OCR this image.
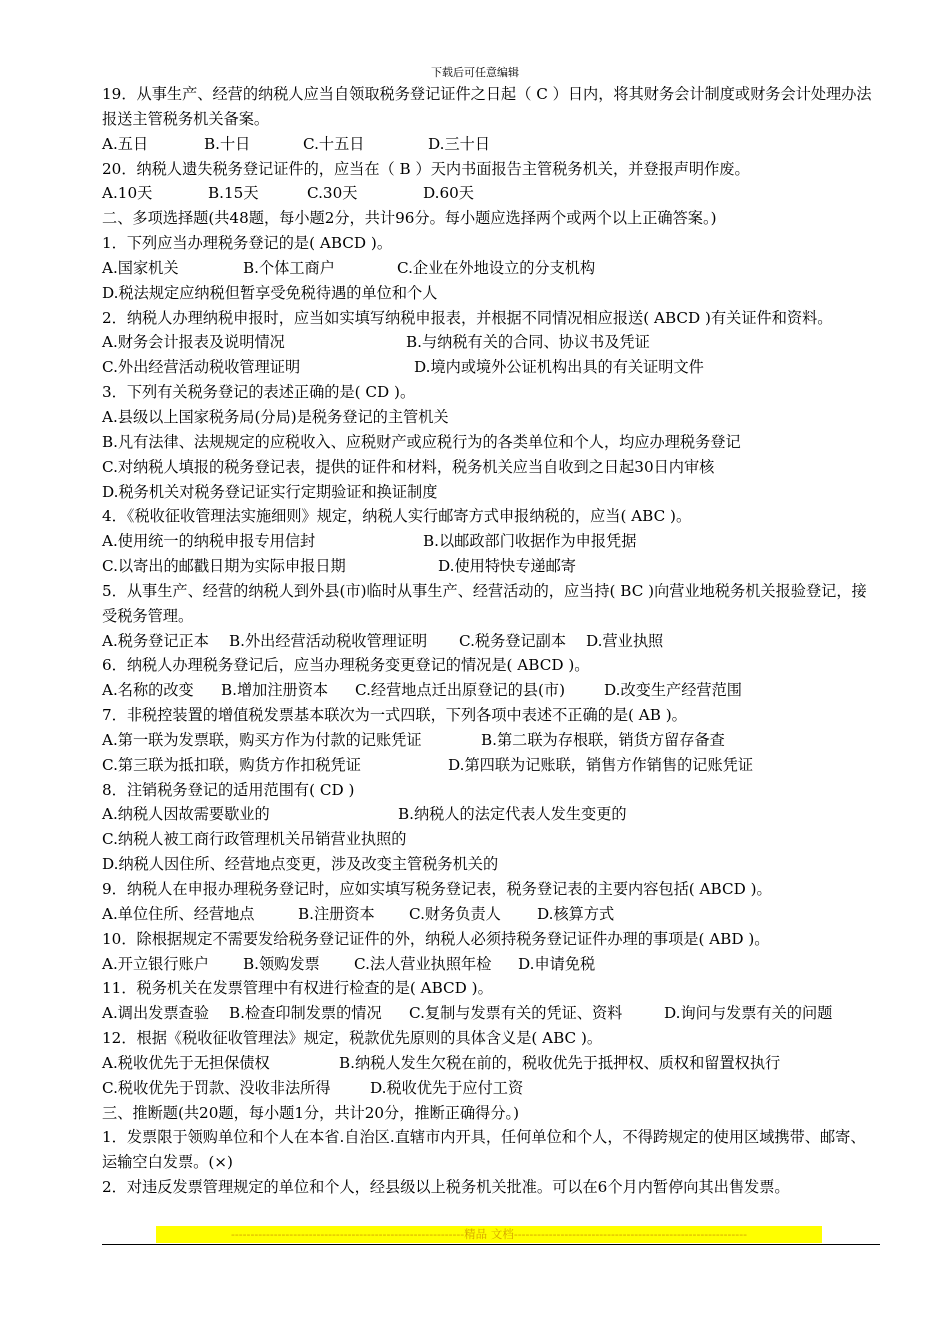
下载后可任意编辑
19．从事生产、经营的纳税人应当自领取税务登记证件之日起（ C ）日内，将其财务会计制度或财务会计处理办法报送主管税务机关备案。
A.五日	B.十日	C.十五日	D.三十日
20．纳税人遗失税务登记证件的，应当在（ B ）天内书面报告主管税务机关，并登报声明作废。
A.10天	B.15天	C.30天	D.60天
二、多项选择题(共48题，每小题2分，共计96分。每小题应选择两个或两个以上正确答案。)
1．下列应当办理税务登记的是( ABCD )。
A.国家机关	B.个体工商户	C.企业在外地设立的分支机构
D.税法规定应纳税但暂享受免税待遇的单位和个人
2．纳税人办理纳税申报时，应当如实填写纳税申报表，并根据不同情况相应报送( ABCD )有关证件和资料。
A.财务会计报表及说明情况	B.与纳税有关的合同、协议书及凭证
C.外出经营活动税收管理证明	D.境内或境外公证机构出具的有关证明文件
3．下列有关税务登记的表述正确的是( CD )。
A.县级以上国家税务局(分局)是税务登记的主管机关
B.凡有法律、法规规定的应税收入、应税财产或应税行为的各类单位和个人，均应办理税务登记
C.对纳税人填报的税务登记表，提供的证件和材料，税务机关应当自收到之日起30日内审核
D.税务机关对税务登记证实行定期验证和换证制度
4．《税收征收管理法实施细则》规定，纳税人实行邮寄方式申报纳税的，应当( ABC )。
A.使用统一的纳税申报专用信封	B.以邮政部门收据作为申报凭据
C.以寄出的邮戳日期为实际申报日期	D.使用特快专递邮寄
5．从事生产、经营的纳税人到外县(市)临时从事生产、经营活动的，应当持( BC )向营业地税务机关报验登记，接受税务管理。
A.税务登记正本	B.外出经营活动税收管理证明	C.税务登记副本	D.营业执照
6．纳税人办理税务登记后，应当办理税务变更登记的情况是( ABCD )。
A.名称的改变	B.增加注册资本	C.经营地点迁出原登记的县(市)	D.改变生产经营范围
7．非税控装置的增值税发票基本联次为一式四联，下列各项中表述不正确的是( AB )。
A.第一联为发票联，购买方作为付款的记账凭证	B.第二联为存根联，销货方留存备查
C.第三联为抵扣联，购货方作扣税凭证	D.第四联为记账联，销售方作销售的记账凭证
8．注销税务登记的适用范围有( CD )
A.纳税人因故需要歇业的	B.纳税人的法定代表人发生变更的
C.纳税人被工商行政管理机关吊销营业执照的
D.纳税人因住所、经营地点变更，涉及改变主管税务机关的
9．纳税人在申报办理税务登记时，应如实填写税务登记表，税务登记表的主要内容包括( ABCD )。
A.单位住所、经营地点	B.注册资本	C.财务负责人	D.核算方式
10．除根据规定不需要发给税务登记证件的外，纳税人必须持税务登记证件办理的事项是( ABD )。
A.开立银行账户	B.领购发票	C.法人营业执照年检	D.申请免税
11．税务机关在发票管理中有权进行检查的是( ABCD )。
A.调出发票查验	B.检查印制发票的情况	C.复制与发票有关的凭证、资料	D.询问与发票有关的问题
12．根据《税收征收管理法》规定，税款优先原则的具体含义是( ABC )。
A.税收优先于无担保债权	B.纳税人发生欠税在前的，税收优先于抵押权、质权和留置权执行
C.税收优先于罚款、没收非法所得	D.税收优先于应付工资
三、推断题(共20题，每小题1分，共计20分，推断正确得分。)
1．发票限于领购单位和个人在本省.自治区.直辖市内开具，任何单位和个人，不得跨规定的使用区域携带、邮寄、运输空白发票。(×)
2．对违反发票管理规定的单位和个人，经县级以上税务机关批准。可以在6个月内暂停向其出售发票。
------------------------------------------------------------精品 文档------------------------------------------------------------
